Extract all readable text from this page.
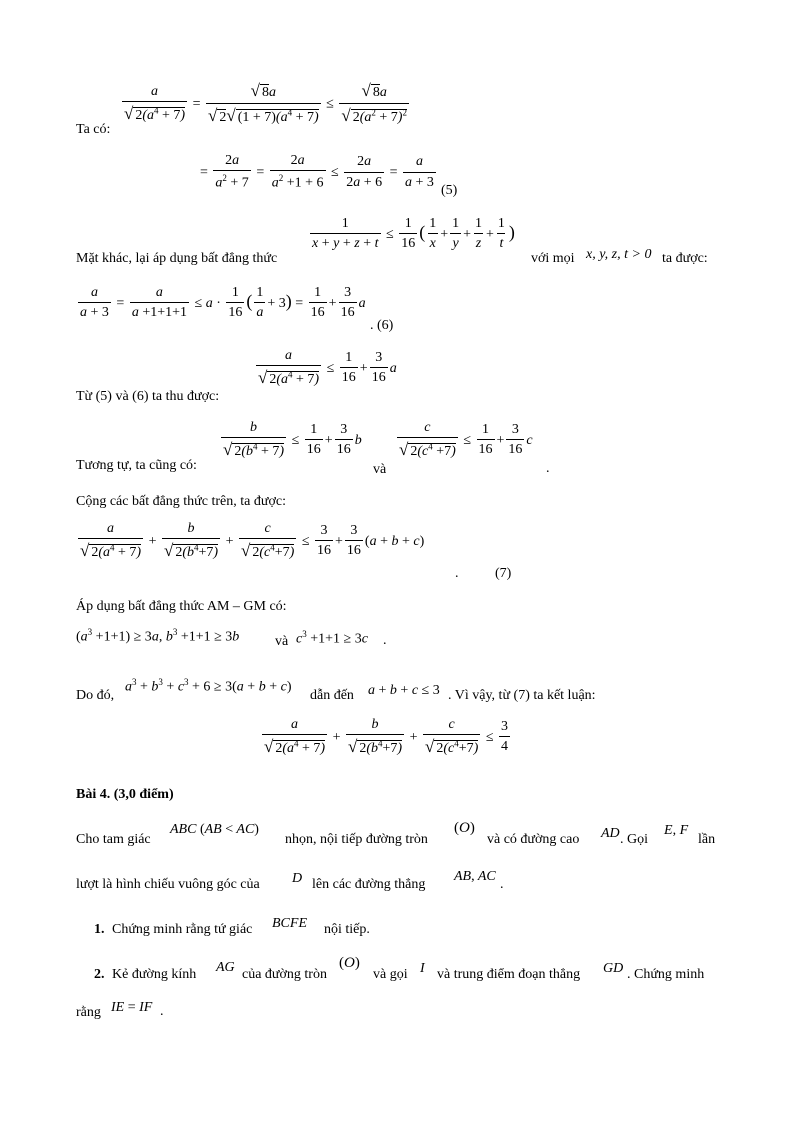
Ta có:
$\frac{a}{√ 2(a^4 + 7)} = \frac{√ 8a}{√ 2√ (1 + 7)(a^4 + 7)} \le \frac{√ 8a}{√ 2(a^2 + 7)^2}$
= $\frac{2a}{a^2 + 7} = \frac{2a}{a^2 +1 + 6} \le \frac{2a}{2a + 6} = \frac{a}{a + 3} (5)$
Mặt khác, lại áp dụng bất đẳng thức
$\frac{1}{x + y + z + t} \le \frac{1}{16}$ ( $\frac{1}{x} + \frac{1}{y} + \frac{1}{z} + \frac{1}{t}$ )
với mọi x, y, z, t > 0 ta được:
$\frac{a}{a + 3} = \frac{a}{a +1+1+1} \le a \cdot \frac{1}{16}$ ( $\frac{1}{a} + 3) = \frac{1}{16} + \frac{3}{16}$ a
. (6)
Từ (5) và (6) ta thu được:
$\frac{a}{√ 2(a^4 + 7)} \le \frac{1}{16} + \frac{3}{16}$ a
Tương tự, ta cũng có:
$\frac{b}{√ 2(b^4 + 7)} \le \frac{1}{16} + \frac{3}{16}$ b
và
$\frac{c}{√ 2(c^4 +7)} \le \frac{1}{16} + \frac{3}{16}$ c
.
Cộng các bất đẳng thức trên, ta được:
$\frac{a}{√ 2(a^4 + 7)} + \frac{b}{√ 2(b^4+7)} + \frac{c}{√ 2(c^4+7)} \le \frac{3}{16} + \frac{3}{16} (a + b + c)$
.	(7)
Áp dụng bất đẳng thức AM – GM có:
$(a^3 +1+1) \ge 3a$, $b^3 +1+1 \ge 3b$	và $c^3 +1+1 \ge 3c$ .
Do đó,
$a^3 + b^3 + c^3 + 6 \ge 3(a + b + c)$
dẫn đến a + b + c ≤ 3 . Vì vậy, từ (7) ta kết luận:
$\frac{a}{√ 2(a^4 + 7)} + \frac{b}{√ 2(b^4+7)} + \frac{c}{√ 2(c^4+7)} \le \frac{3}{4}$
Bài 4. (3,0 điểm)
Cho tam giác
ABC (AB < AC)
nhọn, nội tiếp đường tròn
(O)
và có đường cao AD . Gọi
E, F
lần
lượt là hình chiếu vuông góc của D lên các đường thẳng
AB, AC
.
1. Chứng minh rằng tứ giác BCFE nội tiếp.
2. Kẻ đường kính AG của đường tròn
(O)
và gọi I và trung điểm đoạn thẳng GD . Chứng minh
rằng IE = IF .
